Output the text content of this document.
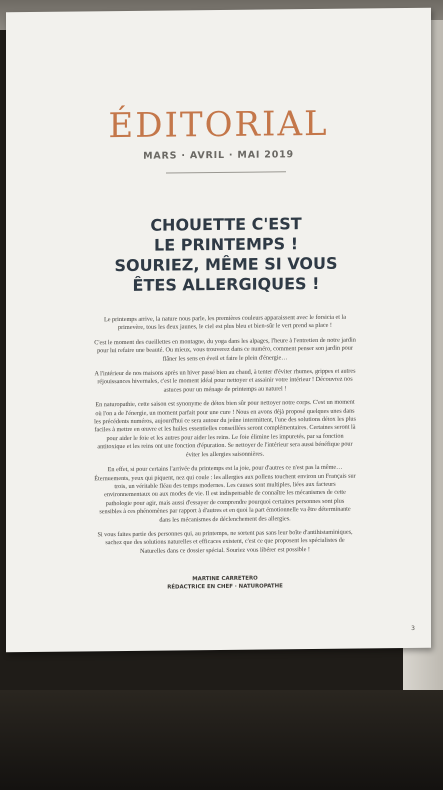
ÉDITORIAL
MARS · AVRIL · MAI 2019
CHOUETTE C'EST
LE PRINTEMPS !
SOURIEZ, MÊME SI VOUS
ÊTES ALLERGIQUES !

Le printemps arrive, la nature nous parle, les premières couleurs apparaissent avec le forsicia et la primevère, tous les deux jaunes, le ciel est plus bleu et bien-sûr le vert prend sa place !

C'est le moment des cueillettes en montagne, du yoga dans les alpages, l'heure à l'entretien de notre jardin pour lui refaire une beauté. Ou mieux, vous trouverez dans ce numéro, comment penser son jardin pour flâner les sens en éveil et faire le plein d'énergie…

A l'intérieur de nos maisons après un hiver passé bien au chaud, à tenter d'éviter rhumes, grippes et autres réjouissances hivernales, c'est le moment idéal pour nettoyer et assainir votre intérieur ! Découvrez nos astuces pour un ménage de printemps au naturel !

En naturopathie, cette saison est synonyme de détox bien sûr pour nettoyer notre corps. C'est un moment où l'on a de l'énergie, un moment parfait pour une cure ! Nous en avons déjà proposé quelques unes dans les précédents numéros, aujourd'hui ce sera autour du jeûne intermittent, l'une des solutions détox les plus faciles à mettre en œuvre et les huiles essentielles conseillées seront complémentaires. Certaines seront là pour aider le foie et les autres pour aider les reins. Le foie élimine les impuretés, par sa fonction antitoxique et les reins ont une fonction d'épuration. Se nettoyer de l'intérieur sera aussi bénéfique pour éviter les allergies saisonnières.

En effet, si pour certains l'arrivée du printemps est la joie, pour d'autres ce n'est pas la même… Éternuements, yeux qui piquent, nez qui coule : les allergies aux pollens touchent environ un Français sur trois, un véritable fléau des temps modernes. Les causes sont multiples, liées aux facteurs environnementaux ou aux modes de vie. Il est indispensable de connaître les mécanismes de cette pathologie pour agir, mais aussi d'essayer de comprendre pourquoi certaines personnes sont plus sensibles à ces phénomènes par rapport à d'autres et en quoi la part émotionnelle va être déterminante dans les mécanismes de déclenchement des allergies.

Si vous faites partie des personnes qui, au printemps, ne sortent pas sans leur boîte d'antihistaminiques, sachez que des solutions naturelles et efficaces existent, c'est ce que proposent les spécialistes de Naturelles dans ce dossier spécial. Souriez vous libérer est possible !

MARTINE CARRETERO
RÉDACTRICE EN CHEF · NATUROPATHE
3
